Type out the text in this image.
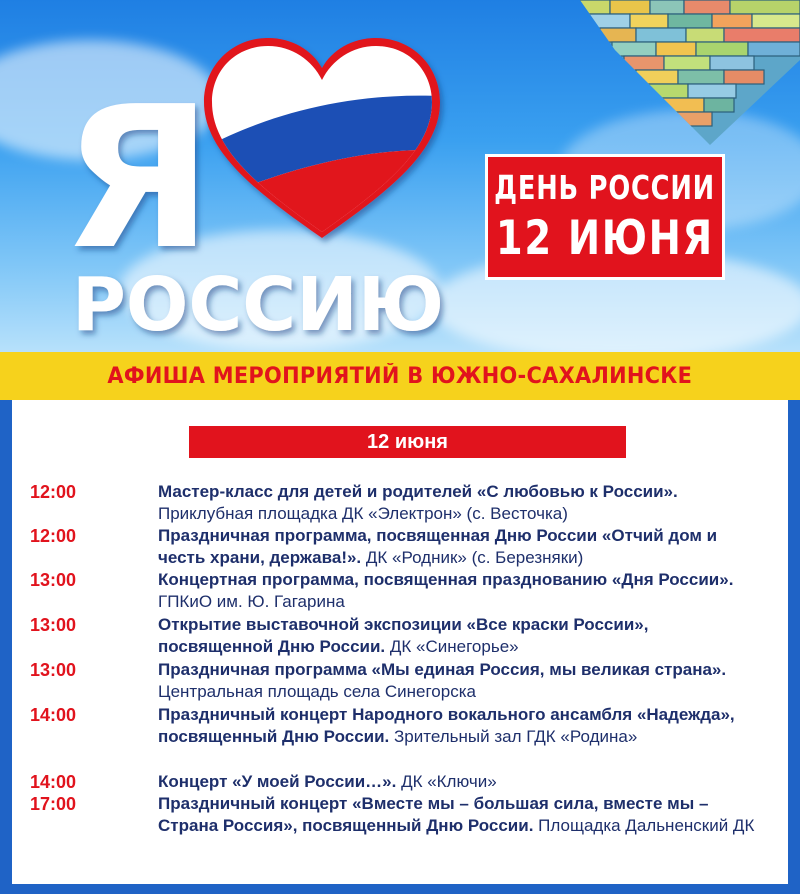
Я
РОССИЮ
ДЕНЬ РОССИИ
12 ИЮНЯ
АФИША МЕРОПРИЯТИЙ В ЮЖНО-САХАЛИНСКЕ
12 июня
12:00	Мастер-класс для детей и родителей «С любовью к России». Приклубная площадка ДК «Электрон» (с. Весточка)
12:00	Праздничная программа, посвященная Дню России «Отчий дом и честь храни, держава!». ДК «Родник» (с. Березняки)
13:00	Концертная программа, посвященная празднованию «Дня России». ГПКиО им. Ю. Гагарина
13:00	Открытие выставочной экспозиции «Все краски России», посвященной Дню России. ДК «Синегорье»
13:00	Праздничная программа «Мы единая Россия, мы великая страна». Центральная площадь села Синегорска
14:00	Праздничный концерт Народного вокального ансамбля «Надежда», посвященный Дню России. Зрительный зал ГДК «Родина»
14:00	Концерт «У моей России…». ДК «Ключи»
17:00	Праздничный концерт «Вместе мы – большая сила, вместе мы – Страна Россия», посвященный Дню России. Площадка Дальненский ДК
